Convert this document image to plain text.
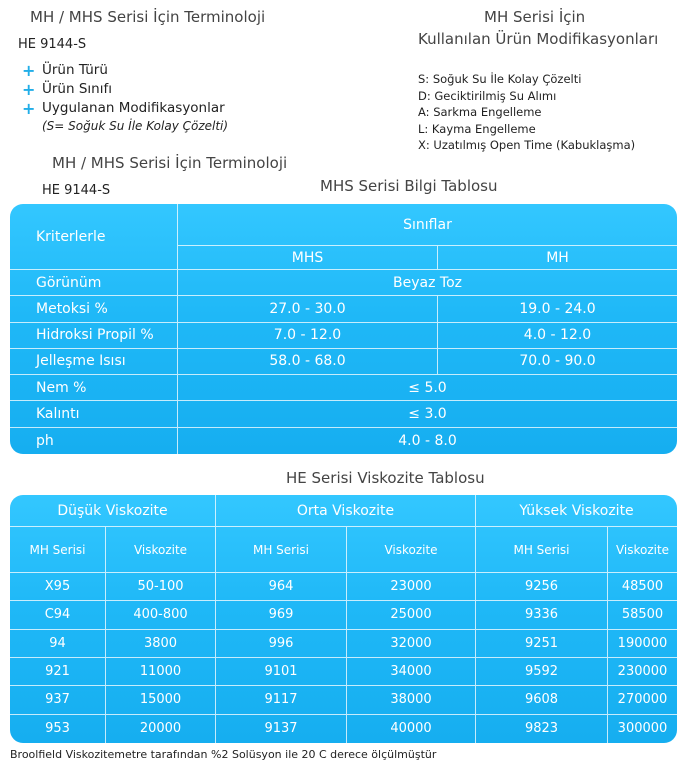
MH / MHS Serisi İçin Terminoloji
HE 9144-S
+ Ürün Türü
+ Ürün Sınıfı
+ Uygulanan Modifikasyonlar
(S= Soğuk Su İle Kolay Çözelti)
MH Serisi İçin
Kullanılan Ürün Modifikasyonları
S: Soğuk Su İle Kolay Çözelti
D: Geciktirilmiş Su Alımı
A: Sarkma Engelleme
L: Kayma Engelleme
X: Uzatılmış Open Time (Kabuklaşma)
MH / MHS Serisi İçin Terminoloji
HE 9144-S	MHS Serisi Bilgi Tablosu
Kriterlerle
Sınıflar
MHS	MH
Görünüm	Beyaz Toz
Metoksi %	27.0 - 30.0	19.0 - 24.0
Hidroksi Propil %	7.0 - 12.0	4.0 - 12.0
Jelleşme Isısı	58.0 - 68.0	70.0 - 90.0
Nem %	≤ 5.0
Kalıntı	≤ 3.0
ph	4.0 - 8.0
HE Serisi Viskozite Tablosu
Düşük Viskozite	Orta Viskozite	Yüksek Viskozite
MH Serisi	Viskozite	MH Serisi	Viskozite	MH Serisi	Viskozite
X95	50-100	964	23000	9256	48500
C94	400-800	969	25000	9336	58500
94	3800	996	32000	9251	190000
921	11000	9101	34000	9592	230000
937	15000	9117	38000	9608	270000
953	20000	9137	40000	9823	300000
Broolfield Viskozitemetre tarafından %2 Solüsyon ile 20 C derece ölçülmüştür
